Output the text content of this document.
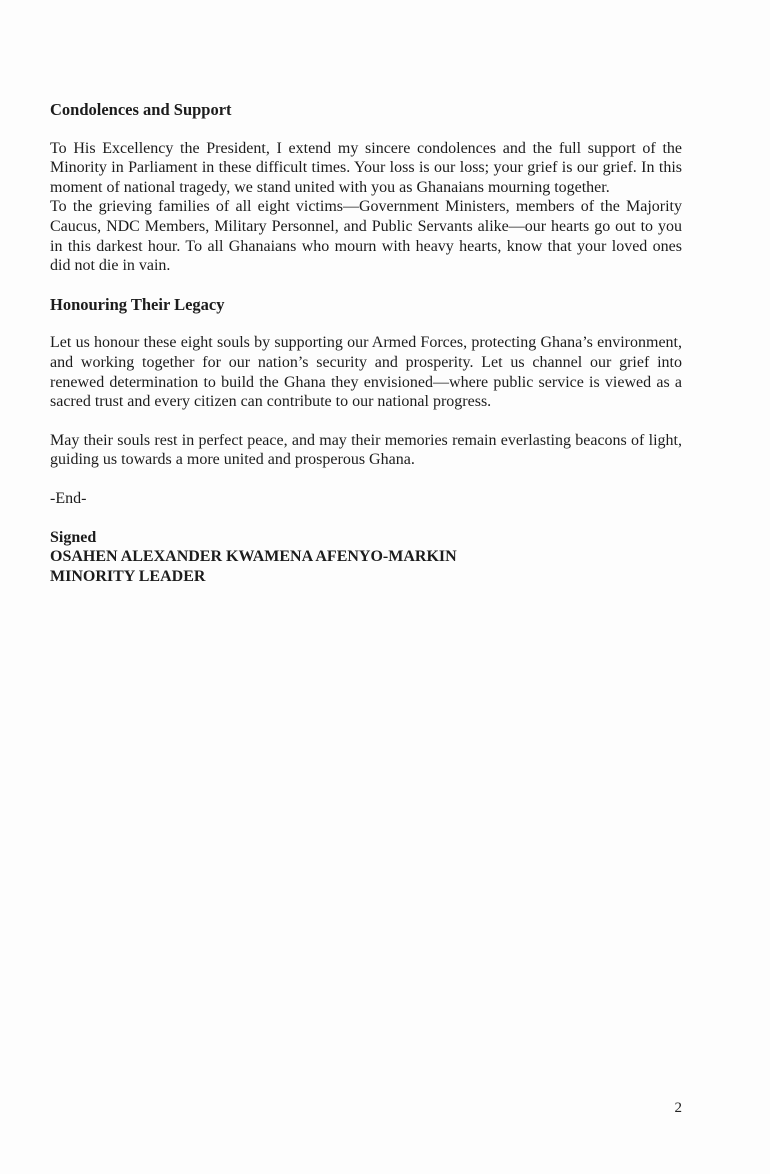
Condolences and Support

To His Excellency the President, I extend my sincere condolences and the full support of the Minority in Parliament in these difficult times. Your loss is our loss; your grief is our grief. In this moment of national tragedy, we stand united with you as Ghanaians mourning together.

To the grieving families of all eight victims—Government Ministers, members of the Majority Caucus, NDC Members, Military Personnel, and Public Servants alike—our hearts go out to you in this darkest hour. To all Ghanaians who mourn with heavy hearts, know that your loved ones did not die in vain.

Honouring Their Legacy

Let us honour these eight souls by supporting our Armed Forces, protecting Ghana’s environment, and working together for our nation’s security and prosperity. Let us channel our grief into renewed determination to build the Ghana they envisioned—where public service is viewed as a sacred trust and every citizen can contribute to our national progress.

May their souls rest in perfect peace, and may their memories remain everlasting beacons of light, guiding us towards a more united and prosperous Ghana.

-End-

Signed
OSAHEN ALEXANDER KWAMENA AFENYO-MARKIN
MINORITY LEADER
2
